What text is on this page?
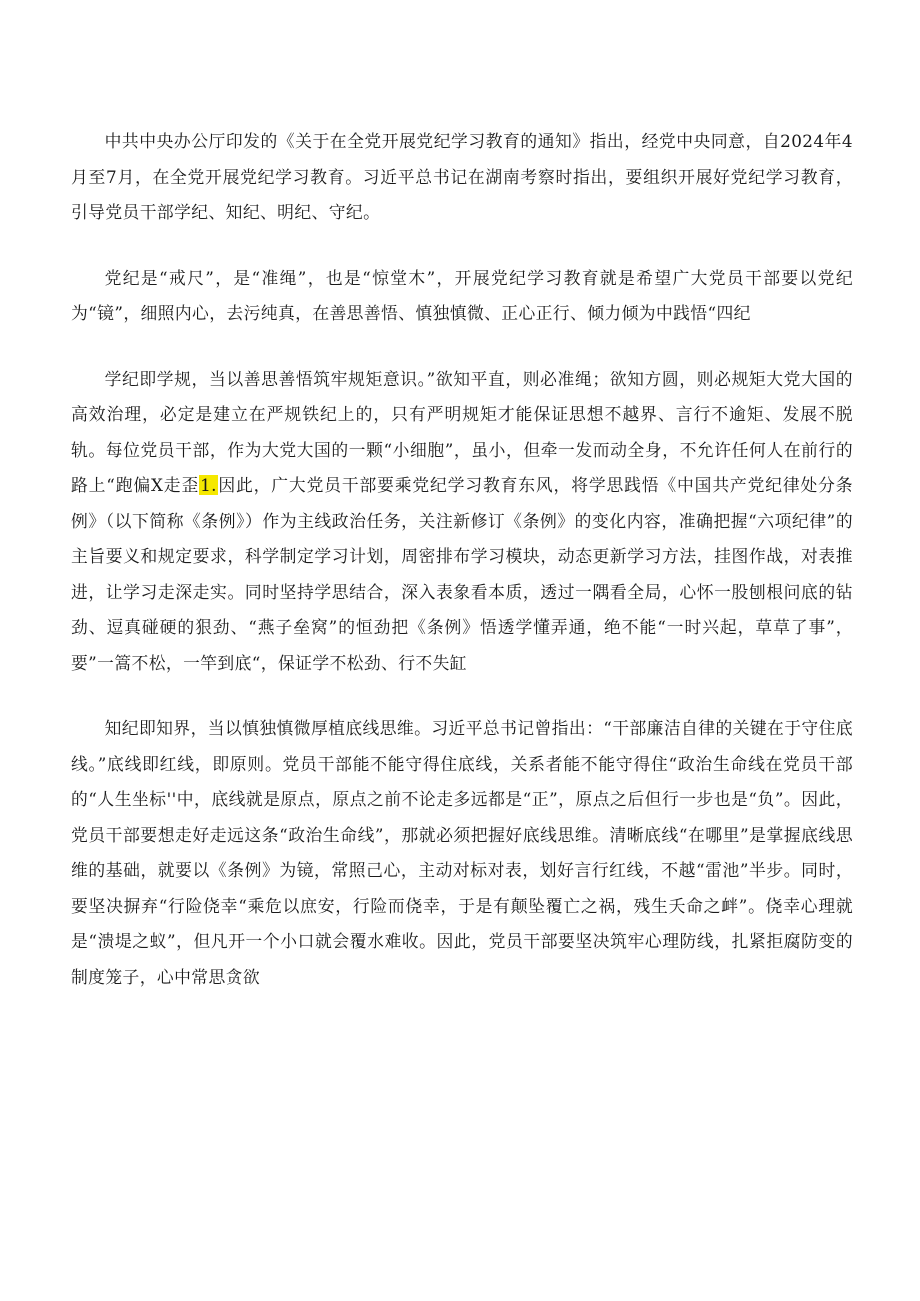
中共中央办公厅印发的《关于在全党开展党纪学习教育的通知》指出，经党中央同意，自2024年4月至7月，在全党开展党纪学习教育。习近平总书记在湖南考察时指出，要组织开展好党纪学习教育，引导党员干部学纪、知纪、明纪、守纪。

党纪是“戒尺”，是“准绳”，也是“惊堂木”，开展党纪学习教育就是希望广大党员干部要以党纪为“镜”，细照内心，去污纯真，在善思善悟、慎独慎微、正心正行、倾力倾为中践悟“四纪

学纪即学规，当以善思善悟筑牢规矩意识。”欲知平直，则必准绳；欲知方圆，则必规矩大党大国的高效治理，必定是建立在严规铁纪上的，只有严明规矩才能保证思想不越界、言行不逾矩、发展不脱轨。每位党员干部，作为大党大国的一颗“小细胞”，虽小，但牵一发而动全身，不允许任何人在前行的路上“跑偏X走歪1.因此，广大党员干部要乘党纪学习教育东风，将学思践悟《中国共产党纪律处分条例》（以下简称《条例》）作为主线政治任务，关注新修订《条例》的变化内容，准确把握“六项纪律”的主旨要义和规定要求，科学制定学习计划，周密排布学习模块，动态更新学习方法，挂图作战，对表推进，让学习走深走实。同时坚持学思结合，深入表象看本质，透过一隅看全局，心怀一股刨根问底的钻劲、逗真碰硬的狠劲、“燕子垒窝”的恒劲把《条例》悟透学懂弄通，绝不能“一时兴起，草草了事”，要”一篙不松，一竿到底“，保证学不松劲、行不失缸

知纪即知界，当以慎独慎微厚植底线思维。习近平总书记曾指出：“干部廉洁自律的关键在于守住底线。”底线即红线，即原则。党员干部能不能守得住底线，关系者能不能守得住“政治生命线在党员干部的“人生坐标''中，底线就是原点，原点之前不论走多远都是“正”，原点之后但行一步也是“负”。因此，党员干部要想走好走远这条“政治生命线”，那就必须把握好底线思维。清晰底线“在哪里”是掌握底线思维的基础，就要以《条例》为镜，常照己心，主动对标对表，划好言行红线，不越“雷池”半步。同时，要坚决摒弃“行险侥幸“乘危以庶安，行险而侥幸，于是有颠坠覆亡之祸，残生夭命之衅”。侥幸心理就是“溃堤之蚁”，但凡开一个小口就会覆水难收。因此，党员干部要坚决筑牢心理防线，扎紧拒腐防变的制度笼子，心中常思贪欲
